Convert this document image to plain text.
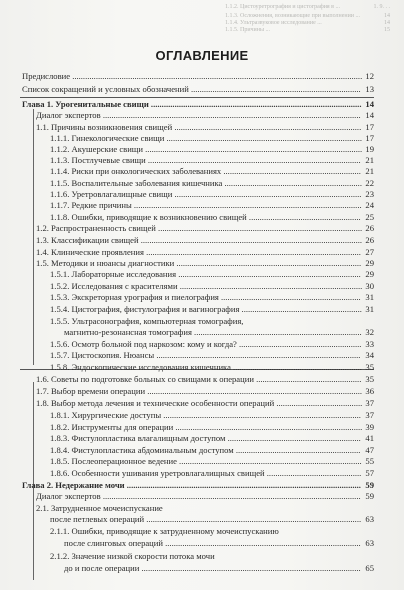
1.1.2. Цистоуретрография и цистография в ...
1.1.3. Осложнения, возникающие при выполнении ...
1.1.4. Ультразвуковое исследование ...
1.1.5. Причины ...
1. 9. . .
14
14
15
ОГЛАВЛЕНИЕ
Предисловие ....................................................................................................................................... 12
Список сокращений и условных обозначений ............................................................................... 13
Глава 1. Урогенитальные свищи .................................................................................................. 14
Диалог экспертов ........................................................................................................................ 14
1.1. Причины возникновения свищей ....................................................................................... 17
1.1.1. Гинекологические свищи ........................................................................................... 17
1.1.2. Акушерские свищи ..................................................................................................... 19
1.1.3. Постлучевые свищи ................................................................................................... 21
1.1.4. Риски при онкологических заболеваниях ................................................................ 21
1.1.5. Воспалительные заболевания кишечника ................................................................ 22
1.1.6. Уретровлагалищные свищи ....................................................................................... 23
1.1.7. Редкие причины .......................................................................................................... 24
1.1.8. Ошибки, приводящие к возникновению свищей .................................................... 25
1.2. Распространенность свищей ............................................................................................... 26
1.3. Классификации свищей ....................................................................................................... 26
1.4. Клинические проявления .................................................................................................... 27
1.5. Методики и нюансы диагностики ...................................................................................... 29
1.5.1. Лабораторные исследования ..................................................................................... 29
1.5.2. Исследования с красителями ..................................................................................... 30
1.5.3. Экскреторная урография и пиелография ................................................................. 31
1.5.4. Цистография, фистулография и вагинография ........................................................ 31
1.5.5. Ультрасонография, компьютерная томография,
магнитно-резонансная томография .............................................................................. 32
1.5.6. Осмотр больной под наркозом: кому и когда? ......................................................... 33
1.5.7. Цистоскопия. Нюансы ............................................................................................... 34
1.5.8. Эндоскопические исследования кишечника ............................................................ 35
1.6. Советы по подготовке больных со свищами к операции ................................................. 35
1.7. Выбор времени операции .................................................................................................... 36
1.8. Выбор метода лечения и технические особенности операций ........................................ 37
1.8.1. Хирургические доступы ............................................................................................ 37
1.8.2. Инструменты для операции ....................................................................................... 39
1.8.3. Фистулопластика влагалищным доступом .............................................................. 41
1.8.4. Фистулопластика абдоминальным доступом .......................................................... 47
1.8.5. Послеоперационное ведение ..................................................................................... 55
1.8.6. Особенности ушивания уретровлагалищных свищей ............................................ 57
Глава 2. Недержание мочи ............................................................................................................. 59
Диалог экспертов ........................................................................................................................ 59
2.1. Затрудненное мочеиспускание
после петлевых операций .................................................................................................... 63
2.1.1. Ошибки, приводящие к затрудненному мочеиспусканию
после слинговых операций ........................................................................................... 63
2.1.2. Значение низкой скорости потока мочи
до и после операции ...................................................................................................... 65
